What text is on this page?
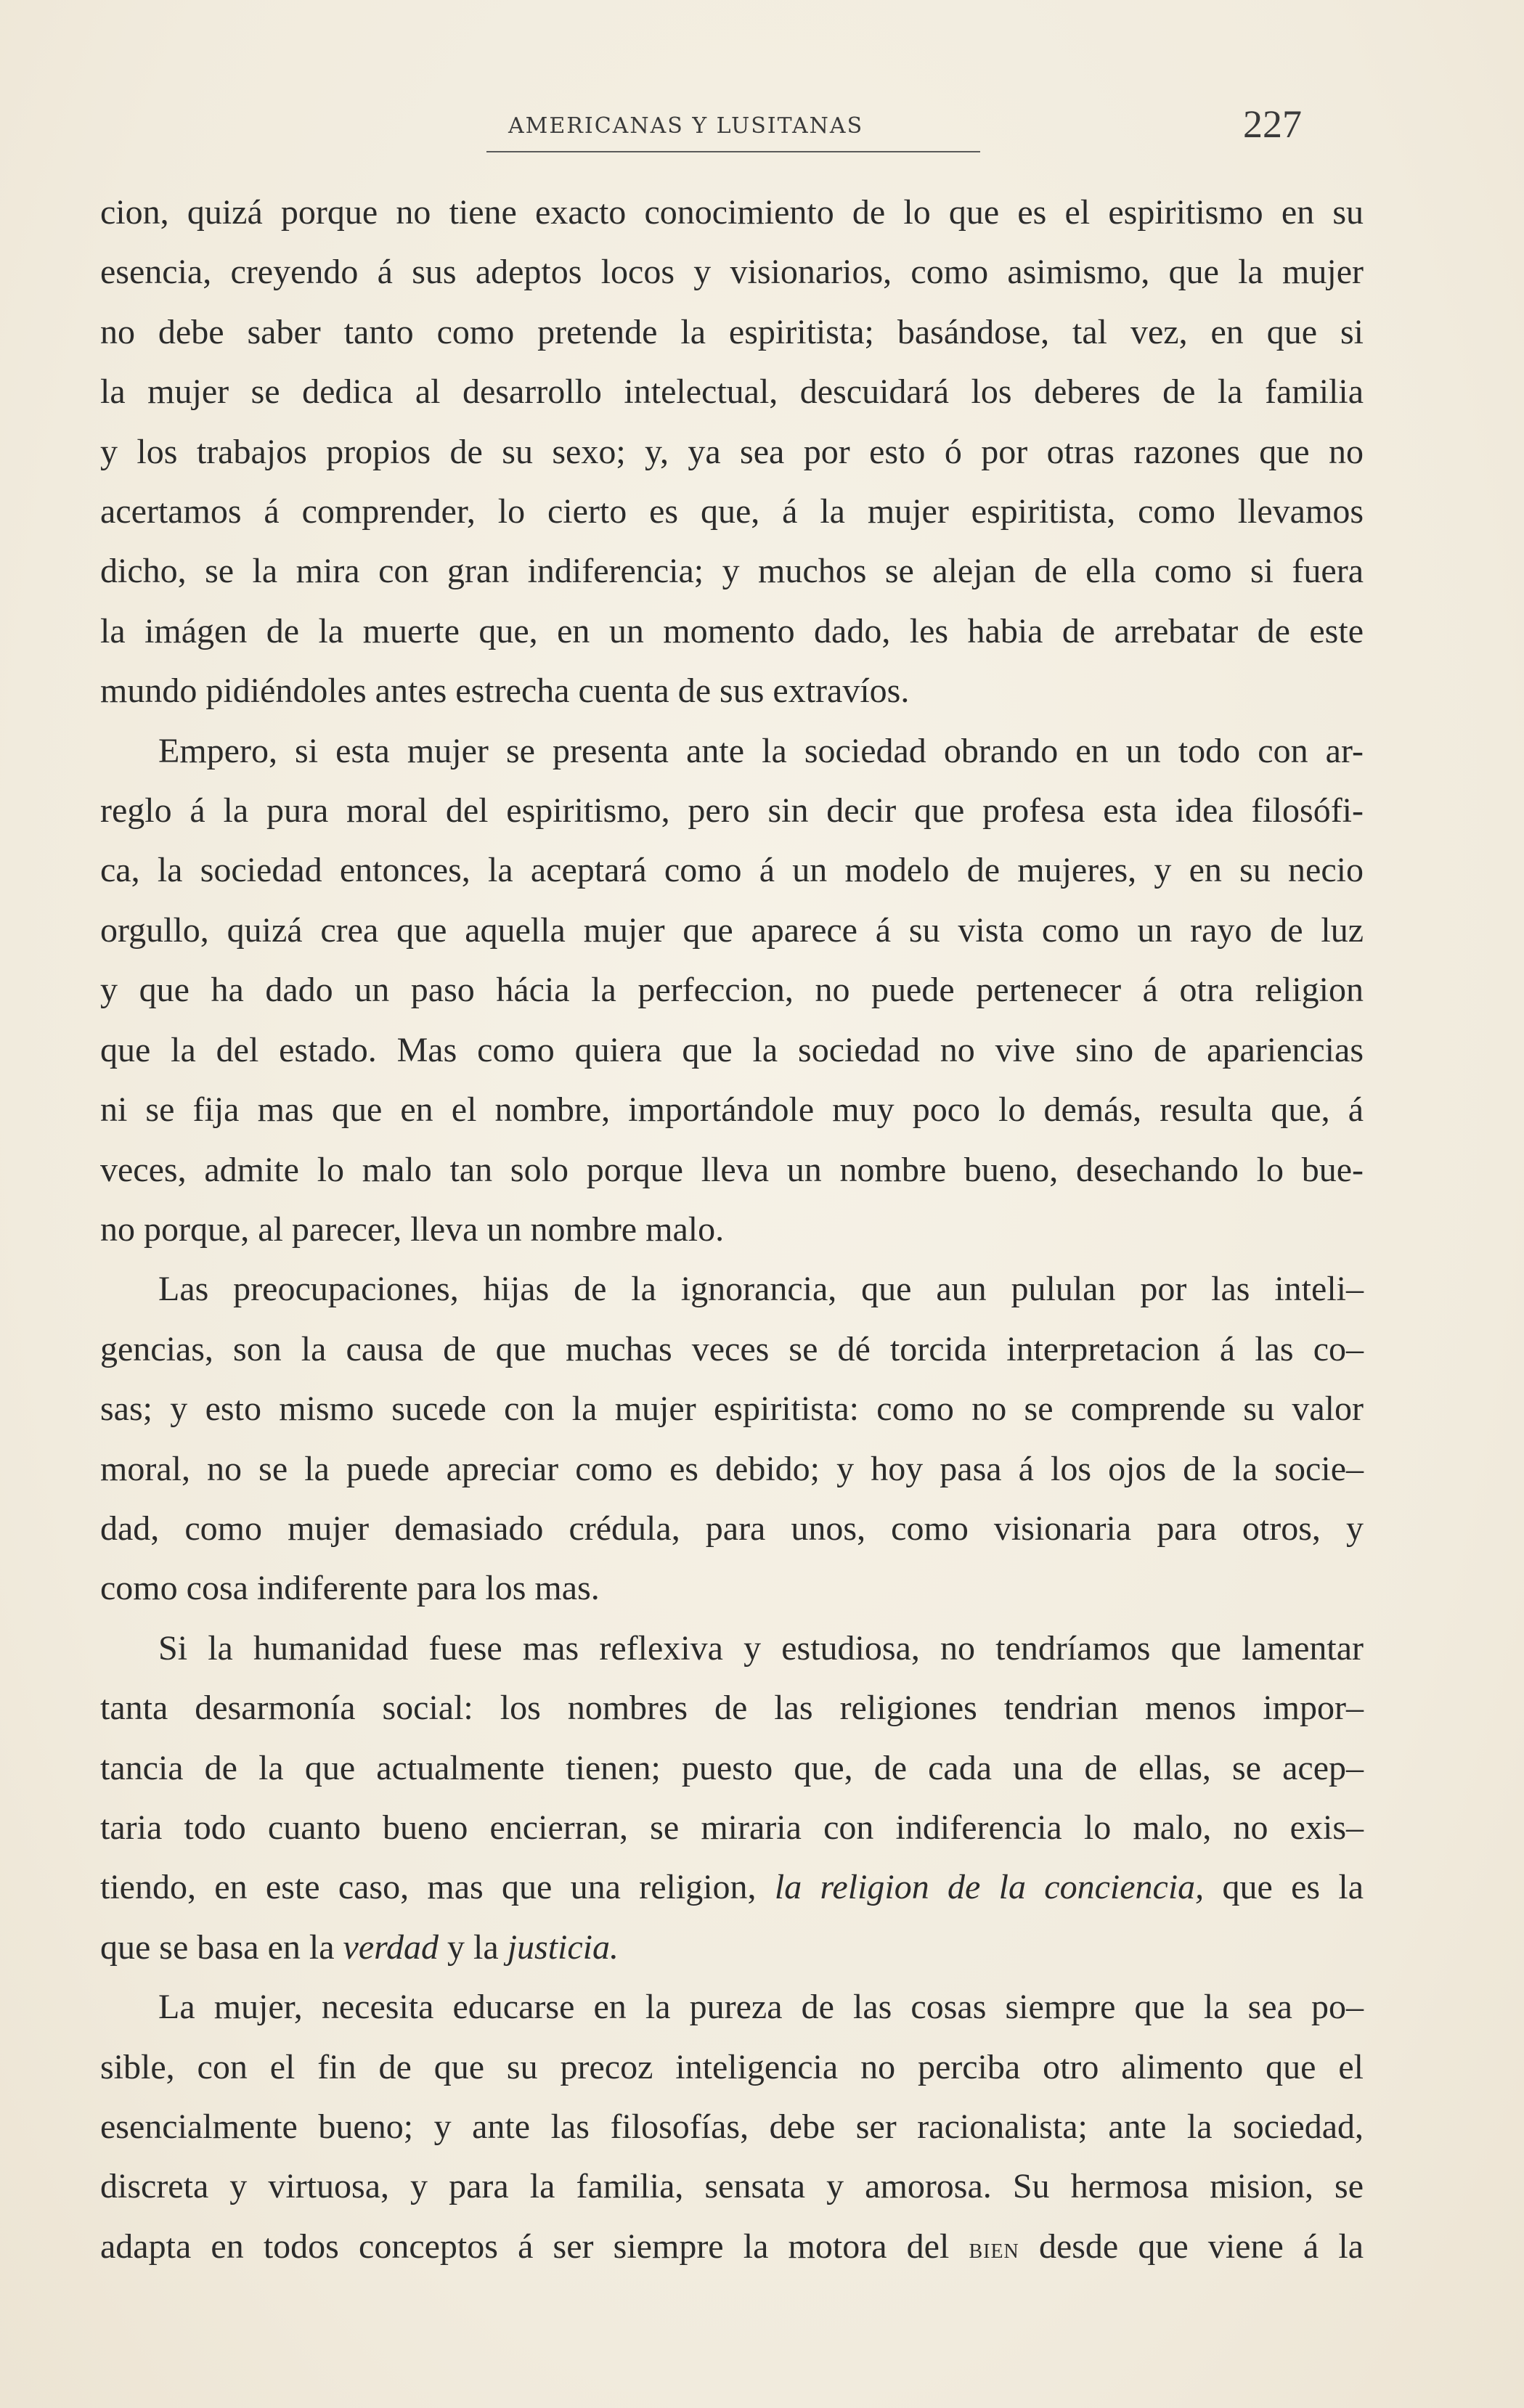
AMERICANAS Y LUSITANAS	227

cion, quizá porque no tiene exacto conocimiento de lo que es el espiritismo en su
esencia, creyendo á sus adeptos locos y visionarios, como asimismo, que la mujer
no debe saber tanto como pretende la espiritista; basándose, tal vez, en que si
la mujer se dedica al desarrollo intelectual, descuidará los deberes de la familia
y los trabajos propios de su sexo; y, ya sea por esto ó por otras razones que no
acertamos á comprender, lo cierto es que, á la mujer espiritista, como llevamos
dicho, se la mira con gran indiferencia; y muchos se alejan de ella como si fuera
la imágen de la muerte que, en un momento dado, les habia de arrebatar de este
mundo pidiéndoles antes estrecha cuenta de sus extravíos.

Empero, si esta mujer se presenta ante la sociedad obrando en un todo con ar-
reglo á la pura moral del espiritismo, pero sin decir que profesa esta idea filosófi-
ca, la sociedad entonces, la aceptará como á un modelo de mujeres, y en su necio
orgullo, quizá crea que aquella mujer que aparece á su vista como un rayo de luz
y que ha dado un paso hácia la perfeccion, no puede pertenecer á otra religion
que la del estado. Mas como quiera que la sociedad no vive sino de apariencias
ni se fija mas que en el nombre, importándole muy poco lo demás, resulta que, á
veces, admite lo malo tan solo porque lleva un nombre bueno, desechando lo bue-
no porque, al parecer, lleva un nombre malo.

Las preocupaciones, hijas de la ignorancia, que aun pululan por las inteli–
gencias, son la causa de que muchas veces se dé torcida interpretacion á las co–
sas; y esto mismo sucede con la mujer espiritista: como no se comprende su valor
moral, no se la puede apreciar como es debido; y hoy pasa á los ojos de la socie–
dad, como mujer demasiado crédula, para unos, como visionaria para otros, y
como cosa indiferente para los mas.

Si la humanidad fuese mas reflexiva y estudiosa, no tendríamos que lamentar
tanta desarmonía social: los nombres de las religiones tendrian menos impor–
tancia de la que actualmente tienen; puesto que, de cada una de ellas, se acep–
taria todo cuanto bueno encierran, se miraria con indiferencia lo malo, no exis–
tiendo, en este caso, mas que una religion, la religion de la conciencia, que es la
que se basa en la verdad y la justicia.

La mujer, necesita educarse en la pureza de las cosas siempre que la sea po–
sible, con el fin de que su precoz inteligencia no perciba otro alimento que el
esencialmente bueno; y ante las filosofías, debe ser racionalista; ante la sociedad,
discreta y virtuosa, y para la familia, sensata y amorosa. Su hermosa mision, se
adapta en todos conceptos á ser siempre la motora del bien desde que viene á la
